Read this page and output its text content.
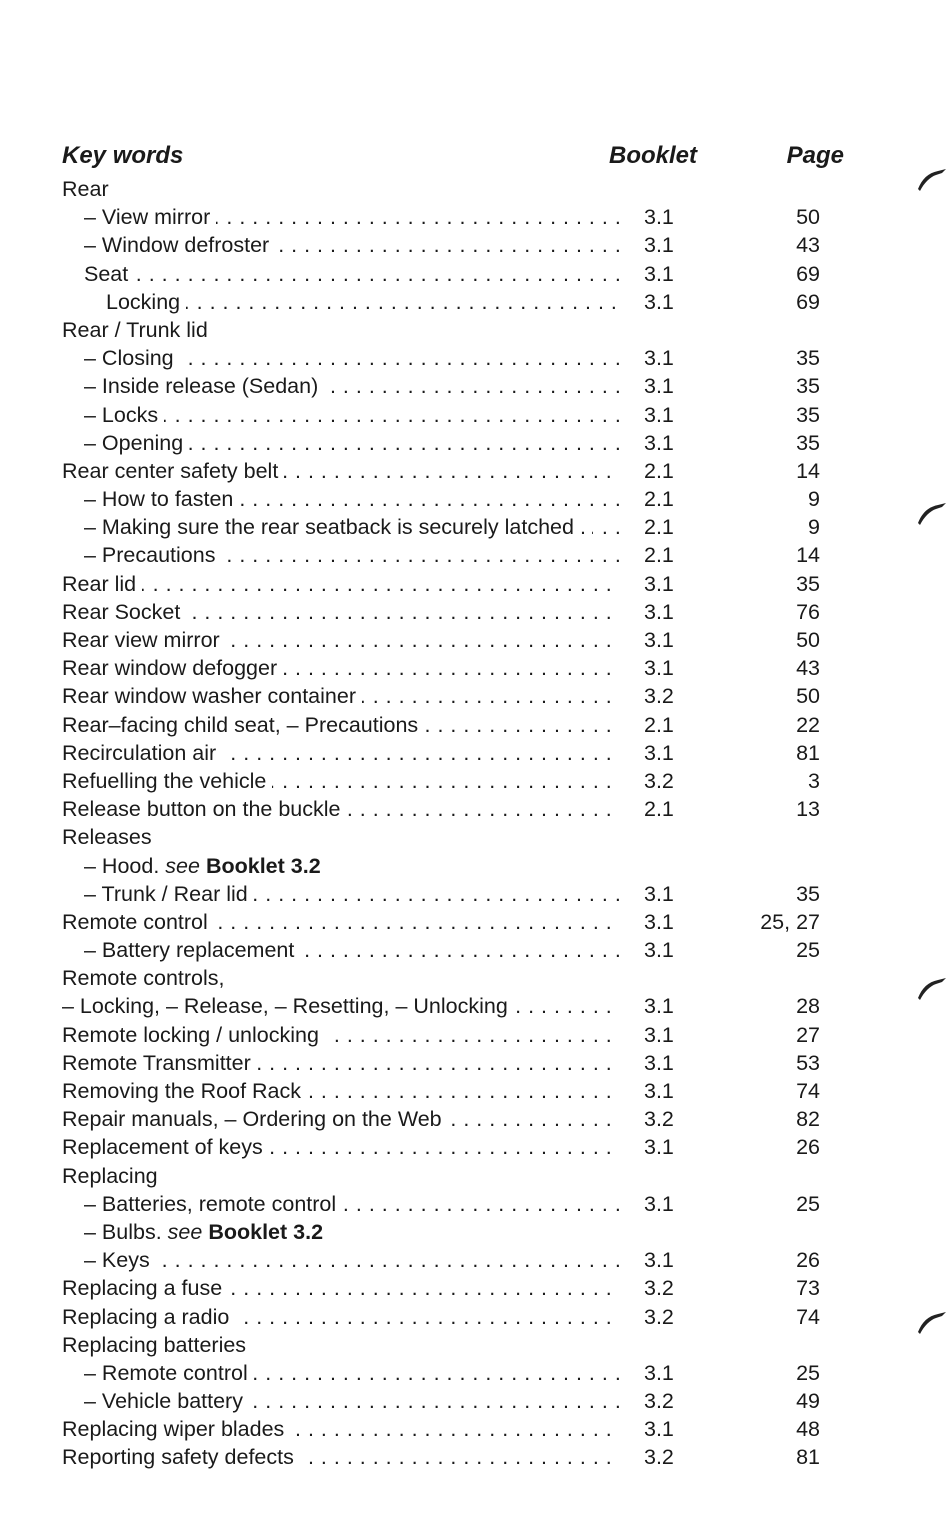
Key words	Booklet	Page
Rear
– View mirror . . .	3.1	50
– Window defroster . . .	3.1	43
Seat . . .	3.1	69
Locking . . .	3.1	69
Rear / Trunk lid
– Closing . . .	3.1	35
– Inside release (Sedan) . . .	3.1	35
– Locks . . .	3.1	35
– Opening . . .	3.1	35
Rear center safety belt . . .	2.1	14
– How to fasten . . .	2.1	9
– Making sure the rear seatback is securely latched . . . .	2.1	9
– Precautions . . .	2.1	14
Rear lid . . .	3.1	35
Rear Socket . . .	3.1	76
Rear view mirror . . .	3.1	50
Rear window defogger . . .	3.1	43
Rear window washer container . . .	3.2	50
Rear–facing child seat, – Precautions . . .	2.1	22
Recirculation air . . .	3.1	81
Refuelling the vehicle . . .	3.2	3
Release button on the buckle . . .	2.1	13
Releases
– Hood. see Booklet 3.2
– Trunk / Rear lid . . .	3.1	35
Remote control . . .	3.1	25, 27
– Battery replacement . . .	3.1	25
Remote controls,
– Locking, – Release, – Resetting, – Unlocking . . .	3.1	28
Remote locking / unlocking . . .	3.1	27
Remote Transmitter . . .	3.1	53
Removing the Roof Rack . . .	3.1	74
Repair manuals, – Ordering on the Web . . .	3.2	82
Replacement of keys . . .	3.1	26
Replacing
– Batteries, remote control . . .	3.1	25
– Bulbs. see Booklet 3.2
– Keys . . .	3.1	26
Replacing a fuse . . .	3.2	73
Replacing a radio . . .	3.2	74
Replacing batteries
– Remote control . . .	3.1	25
– Vehicle battery . . .	3.2	49
Replacing wiper blades . . .	3.1	48
Reporting safety defects . . .	3.2	81
